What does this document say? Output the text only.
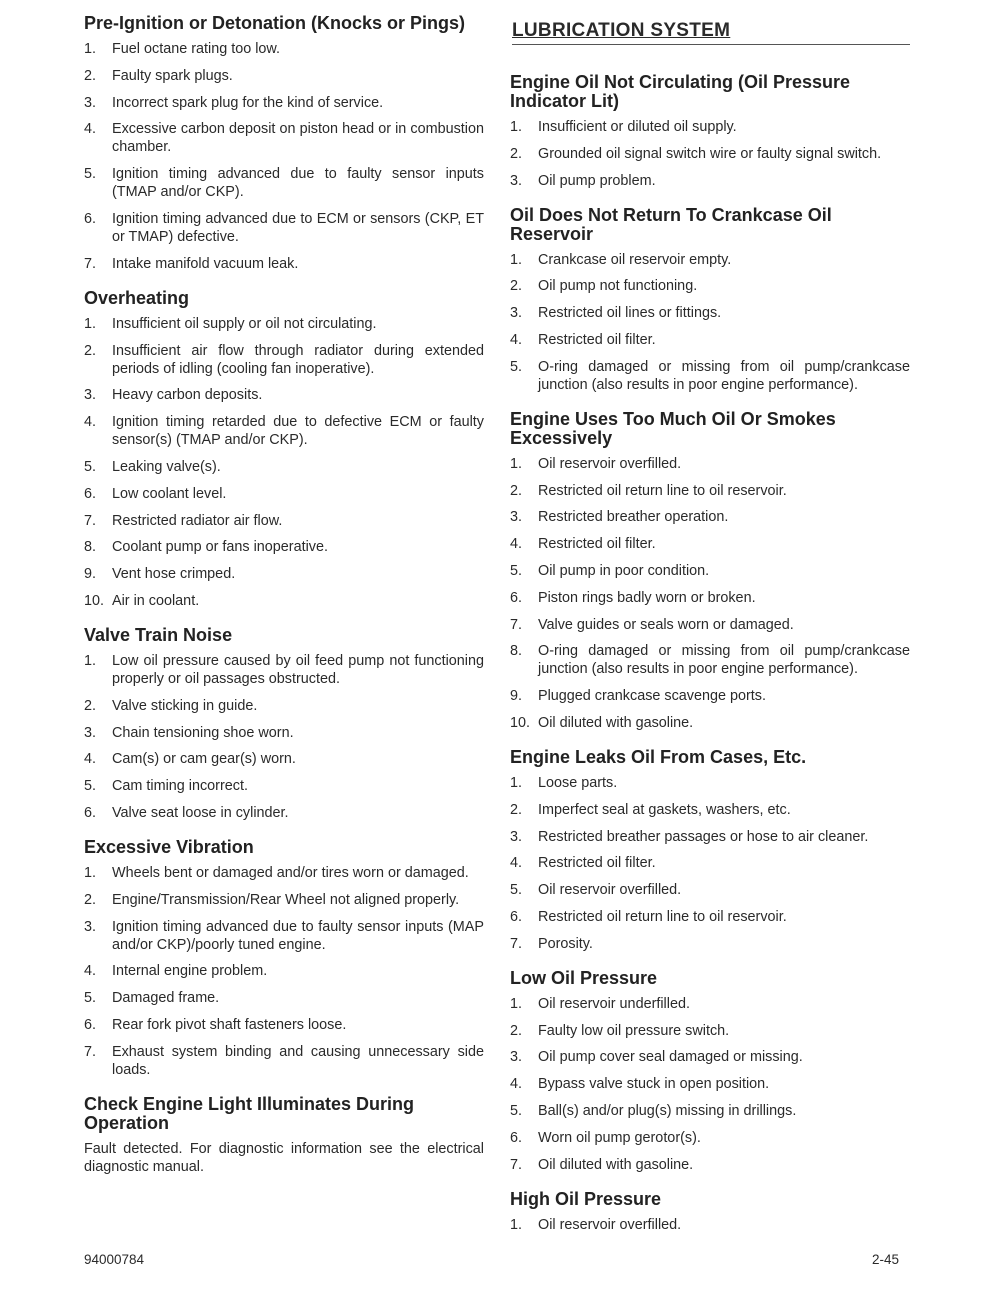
Pre-Ignition or Detonation (Knocks or Pings)
1. Fuel octane rating too low.
2. Faulty spark plugs.
3. Incorrect spark plug for the kind of service.
4. Excessive carbon deposit on piston head or in combustion chamber.
5. Ignition timing advanced due to faulty sensor inputs (TMAP and/or CKP).
6. Ignition timing advanced due to ECM or sensors (CKP, ET or TMAP) defective.
7. Intake manifold vacuum leak.
Overheating
1. Insufficient oil supply or oil not circulating.
2. Insufficient air flow through radiator during extended periods of idling (cooling fan inoperative).
3. Heavy carbon deposits.
4. Ignition timing retarded due to defective ECM or faulty sensor(s) (TMAP and/or CKP).
5. Leaking valve(s).
6. Low coolant level.
7. Restricted radiator air flow.
8. Coolant pump or fans inoperative.
9. Vent hose crimped.
10. Air in coolant.
Valve Train Noise
1. Low oil pressure caused by oil feed pump not functioning properly or oil passages obstructed.
2. Valve sticking in guide.
3. Chain tensioning shoe worn.
4. Cam(s) or cam gear(s) worn.
5. Cam timing incorrect.
6. Valve seat loose in cylinder.
Excessive Vibration
1. Wheels bent or damaged and/or tires worn or damaged.
2. Engine/Transmission/Rear Wheel not aligned properly.
3. Ignition timing advanced due to faulty sensor inputs (MAP and/or CKP)/poorly tuned engine.
4. Internal engine problem.
5. Damaged frame.
6. Rear fork pivot shaft fasteners loose.
7. Exhaust system binding and causing unnecessary side loads.
Check Engine Light Illuminates During Operation

Fault detected. For diagnostic information see the electrical diagnostic manual.

LUBRICATION SYSTEM
Engine Oil Not Circulating (Oil Pressure Indicator Lit)
1. Insufficient or diluted oil supply.
2. Grounded oil signal switch wire or faulty signal switch.
3. Oil pump problem.
Oil Does Not Return To Crankcase Oil Reservoir
1. Crankcase oil reservoir empty.
2. Oil pump not functioning.
3. Restricted oil lines or fittings.
4. Restricted oil filter.
5. O-ring damaged or missing from oil pump/crankcase junction (also results in poor engine performance).
Engine Uses Too Much Oil Or Smokes Excessively
1. Oil reservoir overfilled.
2. Restricted oil return line to oil reservoir.
3. Restricted breather operation.
4. Restricted oil filter.
5. Oil pump in poor condition.
6. Piston rings badly worn or broken.
7. Valve guides or seals worn or damaged.
8. O-ring damaged or missing from oil pump/crankcase junction (also results in poor engine performance).
9. Plugged crankcase scavenge ports.
10. Oil diluted with gasoline.
Engine Leaks Oil From Cases, Etc.
1. Loose parts.
2. Imperfect seal at gaskets, washers, etc.
3. Restricted breather passages or hose to air cleaner.
4. Restricted oil filter.
5. Oil reservoir overfilled.
6. Restricted oil return line to oil reservoir.
7. Porosity.
Low Oil Pressure
1. Oil reservoir underfilled.
2. Faulty low oil pressure switch.
3. Oil pump cover seal damaged or missing.
4. Bypass valve stuck in open position.
5. Ball(s) and/or plug(s) missing in drillings.
6. Worn oil pump gerotor(s).
7. Oil diluted with gasoline.
High Oil Pressure
1. Oil reservoir overfilled.
94000784	2-45
